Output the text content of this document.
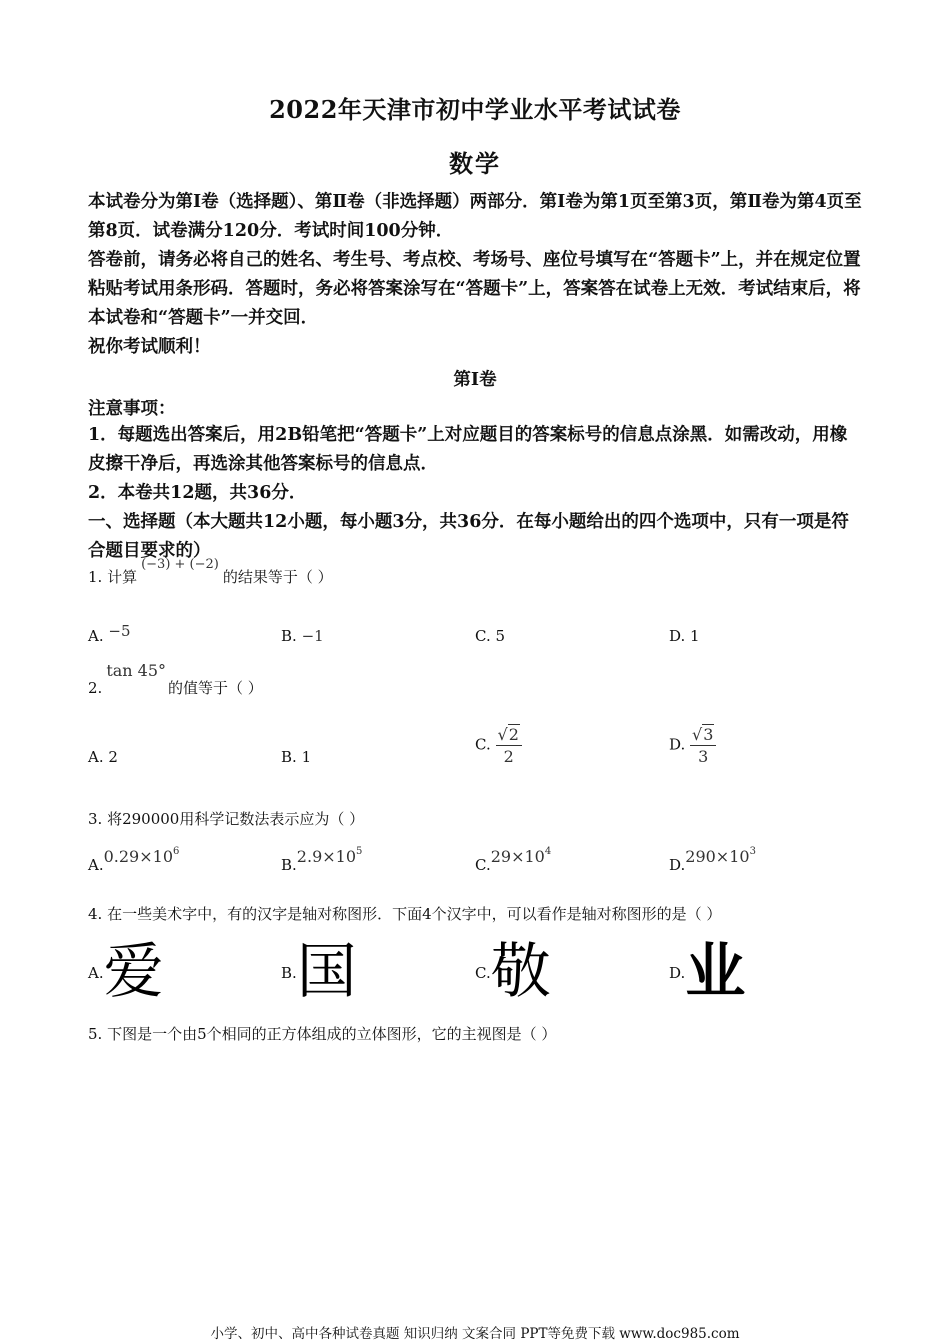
2022年天津市初中学业水平考试试卷
数学
本试卷分为第Ⅰ卷（选择题）、第Ⅱ卷（非选择题）两部分．第Ⅰ卷为第1页至第3页，第Ⅱ卷为第4页至第8页．试卷满分120分．考试时间100分钟．
答卷前，请务必将自己的姓名、考生号、考点校、考场号、座位号填写在“答题卡”上，并在规定位置粘贴考试用条形码．答题时，务必将答案涂写在“答题卡”上，答案答在试卷上无效．考试结束后，将本试卷和“答题卡”一并交回．
祝你考试顺利！
第Ⅰ卷
注意事项：
1．每题选出答案后，用2B铅笔把“答题卡”上对应题目的答案标号的信息点涂黑．如需改动，用橡皮擦干净后，再选涂其他答案标号的信息点．
2．本卷共12题，共36分．
一、选择题（本大题共12小题，每小题3分，共36分．在每小题给出的四个选项中，只有一项是符合题目要求的）
1. 计算(−3) + (−2)的结果等于（ ）
A. −5	B. −1	C. 5	D. 1
2.tan 45°的值等于（ ）
A. 2	B. 1
C. $\frac{√2}{2}$	D. $\frac{√3}{3}$
3. 将290000用科学记数法表示应为（ ）
$A.0.29\times 10^6$
$B.2.9\times 10^5$
$C.29\times 10^4$
$D.290\times 10^3$
4. 在一些美术字中，有的汉字是轴对称图形．下面4个汉字中，可以看作是轴对称图形的是（ ）
A.爱	B.国	C.敬	D.业
5. 下图是一个由5个相同的正方体组成的立体图形，它的主视图是（ ）
小学、初中、高中各种试卷真题 知识归纳 文案合同 PPT等免费下载 www.doc985.com
